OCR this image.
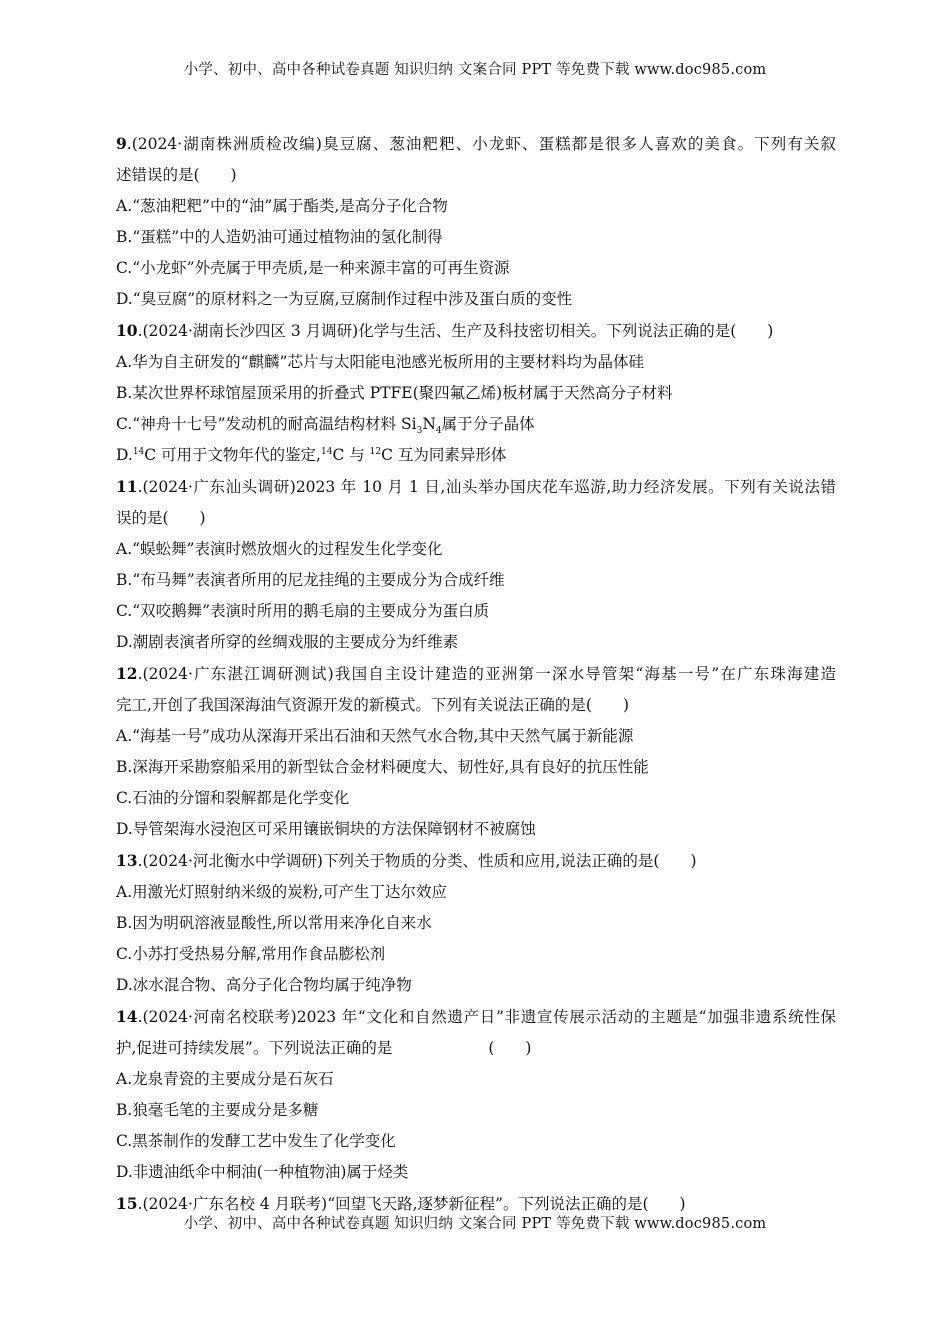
小学、初中、高中各种试卷真题 知识归纳 文案合同 PPT 等免费下载 www.doc985.com
9.(2024·湖南株洲质检改编)臭豆腐、葱油粑粑、小龙虾、蛋糕都是很多人喜欢的美食。下列有关叙
述错误的是(　　)
A.“葱油粑粑”中的“油”属于酯类,是高分子化合物
B.“蛋糕”中的人造奶油可通过植物油的氢化制得
C.“小龙虾”外壳属于甲壳质,是一种来源丰富的可再生资源
D.“臭豆腐”的原材料之一为豆腐,豆腐制作过程中涉及蛋白质的变性
10.(2024·湖南长沙四区 3 月调研)化学与生活、生产及科技密切相关。下列说法正确的是(　　)
A.华为自主研发的“麒麟”芯片与太阳能电池感光板所用的主要材料均为晶体硅
B.某次世界杯球馆屋顶采用的折叠式 PTFE(聚四氟乙烯)板材属于天然高分子材料
C.“神舟十七号”发动机的耐高温结构材料 $Si_3N_4$属于分子晶体
D.$^{14}$C 可用于文物年代的鉴定,$^{14}$C 与 $^{12}$C 互为同素异形体
11.(2024·广东汕头调研)2023 年 10 月 1 日,汕头举办国庆花车巡游,助力经济发展。下列有关说法错
误的是(　　)
A.“蜈蚣舞”表演时燃放烟火的过程发生化学变化
B.“布马舞”表演者所用的尼龙挂绳的主要成分为合成纤维
C.“双咬鹅舞”表演时所用的鹅毛扇的主要成分为蛋白质
D.潮剧表演者所穿的丝绸戏服的主要成分为纤维素
12.(2024·广东湛江调研测试)我国自主设计建造的亚洲第一深水导管架“海基一号”在广东珠海建造
完工,开创了我国深海油气资源开发的新模式。下列有关说法正确的是(　　)
A.“海基一号”成功从深海开采出石油和天然气水合物,其中天然气属于新能源
B.深海开采勘察船采用的新型钛合金材料硬度大、韧性好,具有良好的抗压性能
C.石油的分馏和裂解都是化学变化
D.导管架海水浸泡区可采用镶嵌铜块的方法保障钢材不被腐蚀
13.(2024·河北衡水中学调研)下列关于物质的分类、性质和应用,说法正确的是(　　)
A.用激光灯照射纳米级的炭粉,可产生丁达尔效应
B.因为明矾溶液显酸性,所以常用来净化自来水
C.小苏打受热易分解,常用作食品膨松剂
D.冰水混合物、高分子化合物均属于纯净物
14.(2024·河南名校联考)2023 年“文化和自然遗产日”非遗宣传展示活动的主题是“加强非遗系统性保
护,促进可持续发展”。下列说法正确的是	(　　)
A.龙泉青瓷的主要成分是石灰石
B.狼毫毛笔的主要成分是多糖
C.黑茶制作的发酵工艺中发生了化学变化
D.非遗油纸伞中桐油(一种植物油)属于烃类
15.(2024·广东名校 4 月联考)“回望飞天路,逐梦新征程”。下列说法正确的是(　　)
小学、初中、高中各种试卷真题 知识归纳 文案合同 PPT 等免费下载 www.doc985.com
